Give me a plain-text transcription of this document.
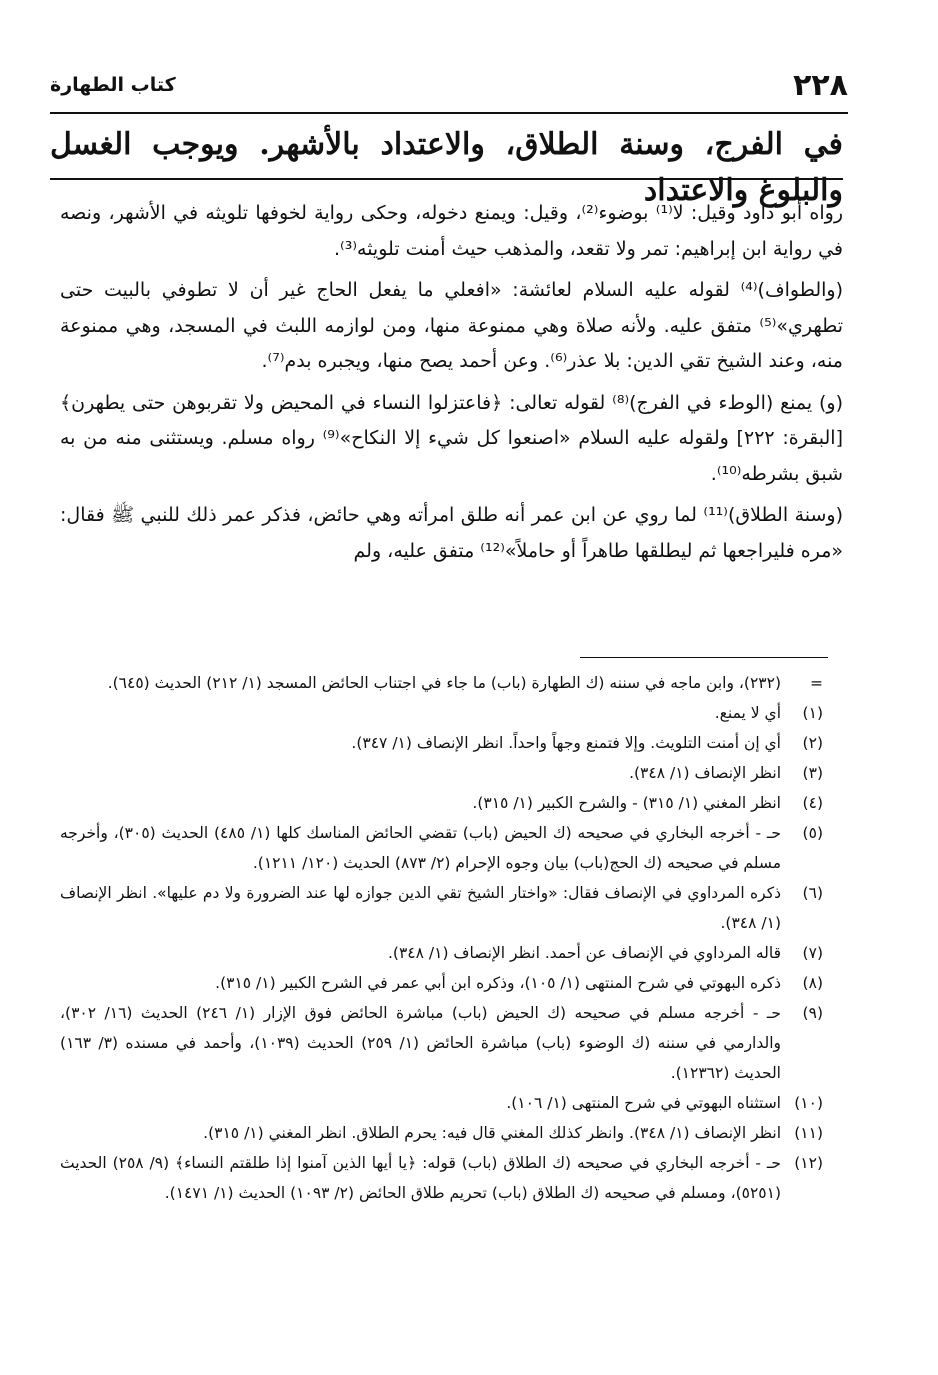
٢٢٨
كتاب الطهارة
في الفرج، وسنة الطلاق، والاعتداد بالأشهر. ويوجب الغسل والبلوغ والاعتداد

رواه أبو داود وقيل: لا⁽¹⁾ بوضوء⁽²⁾، وقيل: ويمنع دخوله، وحكى رواية لخوفها تلويثه في الأشهر، ونصه في رواية ابن إبراهيم: تمر ولا تقعد، والمذهب حيث أمنت تلويثه⁽³⁾.

(والطواف)⁽⁴⁾ لقوله عليه السلام لعائشة: «افعلي ما يفعل الحاج غير أن لا تطوفي بالبيت حتى تطهري»⁽⁵⁾ متفق عليه. ولأنه صلاة وهي ممنوعة منها، ومن لوازمه اللبث في المسجد، وهي ممنوعة منه، وعند الشيخ تقي الدين: بلا عذر⁽⁶⁾. وعن أحمد يصح منها، ويجبره بدم⁽⁷⁾.

(و) يمنع (الوطء في الفرج)⁽⁸⁾ لقوله تعالى: ﴿فاعتزلوا النساء في المحيض ولا تقربوهن حتى يطهرن﴾ [البقرة: ٢٢٢] ولقوله عليه السلام «اصنعوا كل شيء إلا النكاح»⁽⁹⁾ رواه مسلم. ويستثنى منه من به شبق بشرطه⁽¹⁰⁾.

(وسنة الطلاق)⁽¹¹⁾ لما روي عن ابن عمر أنه طلق امرأته وهي حائض، فذكر عمر ذلك للنبي ﷺ فقال: «مره فليراجعها ثم ليطلقها طاهراً أو حاملاً»⁽¹²⁾ متفق عليه، ولم

=
(٢٣٢)، وابن ماجه في سننه (ك الطهارة (باب) ما جاء في اجتناب الحائض المسجد (١/ ٢١٢) الحديث (٦٤٥).
(١)
أي لا يمنع.
(٢)
أي إن أمنت التلويث. وإلا فتمنع وجهاً واحداً. انظر الإنصاف (١/ ٣٤٧).
(٣)
انظر الإنصاف (١/ ٣٤٨).
(٤)
انظر المغني (١/ ٣١٥) - والشرح الكبير (١/ ٣١٥).
(٥)
حـ - أخرجه البخاري في صحيحه (ك الحيض (باب) تقضي الحائض المناسك كلها (١/ ٤٨٥) الحديث (٣٠٥)، وأخرجه مسلم في صحيحه (ك الحج(باب) بيان وجوه الإحرام (٢/ ٨٧٣) الحديث (١٢٠/ ١٢١١).
(٦)
ذكره المرداوي في الإنصاف فقال: «واختار الشيخ تقي الدين جوازه لها عند الضرورة ولا دم عليها». انظر الإنصاف (١/ ٣٤٨).
(٧)
قاله المرداوي في الإنصاف عن أحمد. انظر الإنصاف (١/ ٣٤٨).
(٨)
ذكره البهوتي في شرح المنتهى (١/ ١٠٥)، وذكره ابن أبي عمر في الشرح الكبير (١/ ٣١٥).
(٩)
حـ - أخرجه مسلم في صحيحه (ك الحيض (باب) مباشرة الحائض فوق الإزار (١/ ٢٤٦) الحديث (١٦/ ٣٠٢)، والدارمي في سننه (ك الوضوء (باب) مباشرة الحائض (١/ ٢٥٩) الحديث (١٠٣٩)، وأحمد في مسنده (٣/ ١٦٣) الحديث (١٢٣٦٢).
(١٠)
استثناه البهوتي في شرح المنتهى (١/ ١٠٦).
(١١)
انظر الإنصاف (١/ ٣٤٨). وانظر كذلك المغني قال فيه: يحرم الطلاق. انظر المغني (١/ ٣١٥).
(١٢)
حـ - أخرجه البخاري في صحيحه (ك الطلاق (باب) قوله: ﴿يا أيها الذين آمنوا إذا طلقتم النساء﴾ (٩/ ٢٥٨) الحديث (٥٢٥١)، ومسلم في صحيحه (ك الطلاق (باب) تحريم طلاق الحائض (٢/ ١٠٩٣) الحديث (١/ ١٤٧١).
